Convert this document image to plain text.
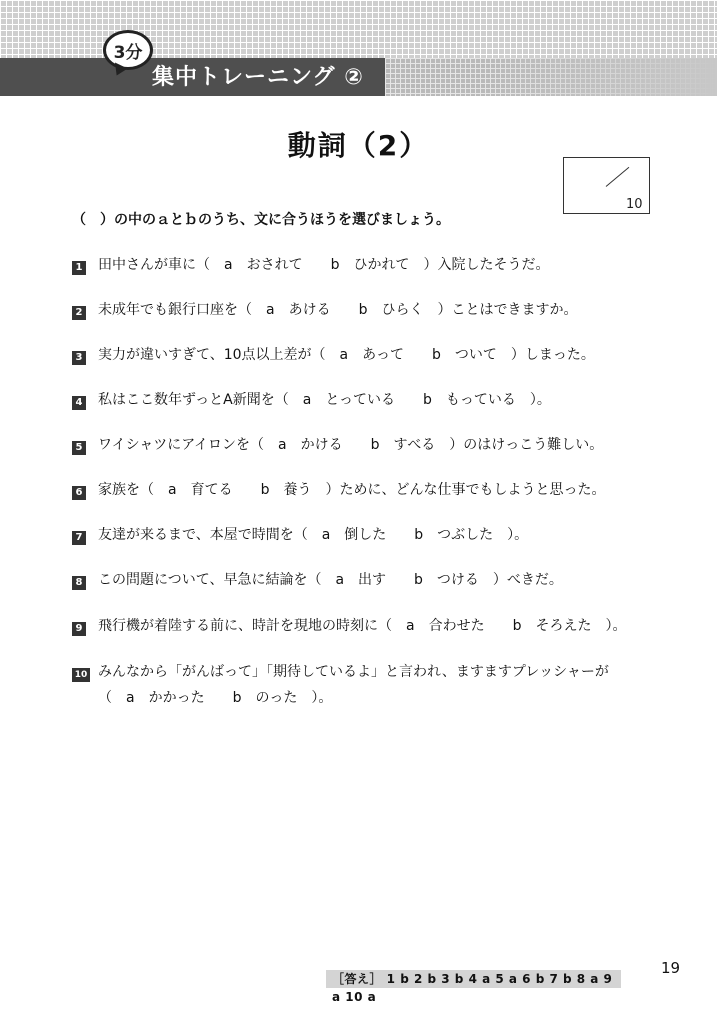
3分
集中トレーニング ②
動詞（2）
10
（　）の中のａとｂのうち、文に合うほうを選びましょう。
1 田中さんが車に（　a　おされて　　b　ひかれて　）入院したそうだ。
2 未成年でも銀行口座を（　a　あける　　b　ひらく　）ことはできますか。
3 実力が違いすぎて、10点以上差が（　a　あって　　b　ついて　）しまった。
4 私はここ数年ずっとA新聞を（　a　とっている　　b　もっている　）。
5 ワイシャツにアイロンを（　a　かける　　b　すべる　）のはけっこう難しい。
6 家族を（　a　育てる　　b　養う　）ために、どんな仕事でもしようと思った。
7 友達が来るまで、本屋で時間を（　a　倒した　　b　つぶした　）。
8 この問題について、早急に結論を（　a　出す　　b　つける　）べきだ。
9 飛行機が着陸する前に、時計を現地の時刻に（　a　合わせた　　b　そろえた　）。
10 みんなから「がんばって」「期待しているよ」と言われ、ますますプレッシャーが
（　a　かかった　　b　のった　）。
19
［答え］ 1 b 2 b 3 b 4 a 5 a 6 b 7 b 8 a 9 a 10 a
